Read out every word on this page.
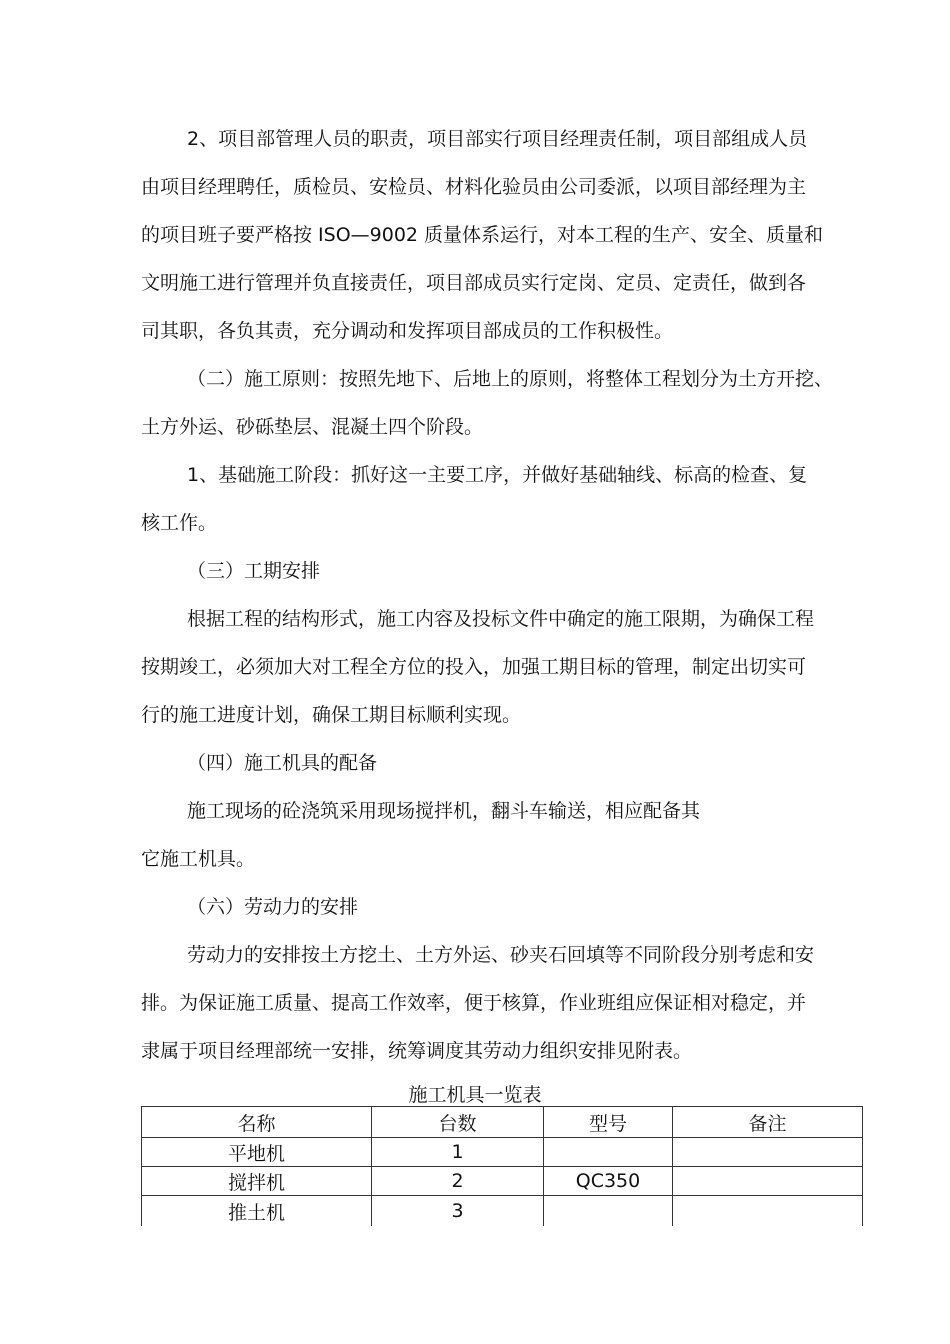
2、项目部管理人员的职责，项目部实行项目经理责任制，项目部组成人员
由项目经理聘任，质检员、安检员、材料化验员由公司委派，以项目部经理为主
的项目班子要严格按 ISO—9002 质量体系运行，对本工程的生产、安全、质量和
文明施工进行管理并负直接责任，项目部成员实行定岗、定员、定责任，做到各
司其职，各负其责，充分调动和发挥项目部成员的工作积极性。
（二）施工原则：按照先地下、后地上的原则，将整体工程划分为土方开挖、
土方外运、砂砾垫层、混凝土四个阶段。
1、基础施工阶段：抓好这一主要工序，并做好基础轴线、标高的检查、复
核工作。
（三）工期安排
根据工程的结构形式，施工内容及投标文件中确定的施工限期，为确保工程
按期竣工，必须加大对工程全方位的投入，加强工期目标的管理，制定出切实可
行的施工进度计划，确保工期目标顺利实现。
（四）施工机具的配备
施工现场的砼浇筑采用现场搅拌机，翻斗车输送，相应配备其
它施工机具。
（六）劳动力的安排
劳动力的安排按土方挖土、土方外运、砂夹石回填等不同阶段分别考虑和安
排。为保证施工质量、提高工作效率，便于核算，作业班组应保证相对稳定，并
隶属于项目经理部统一安排，统筹调度其劳动力组织安排见附表。
施工机具一览表
名称	台数	型号	备注
平地机	1		
搅拌机	2	QC350	
推土机	3		
